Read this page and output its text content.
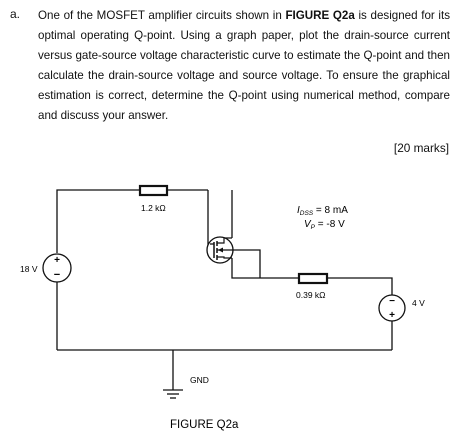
a. One of the MOSFET amplifier circuits shown in FIGURE Q2a is designed for its optimal operating Q-point. Using a graph paper, plot the drain-source current versus gate-source voltage characteristic curve to estimate the Q-point and then calculate the drain-source voltage and source voltage. To ensure the graphical estimation is correct, determine the Q-point using numerical method, compare and discuss your answer.
[20 marks]
+
−
−
+
1.2 kΩ
0.39 kΩ
18 V
4 V
GND
$I_{DSS} = 8$ mA
$V_P = -8$ V
FIGURE Q2a
